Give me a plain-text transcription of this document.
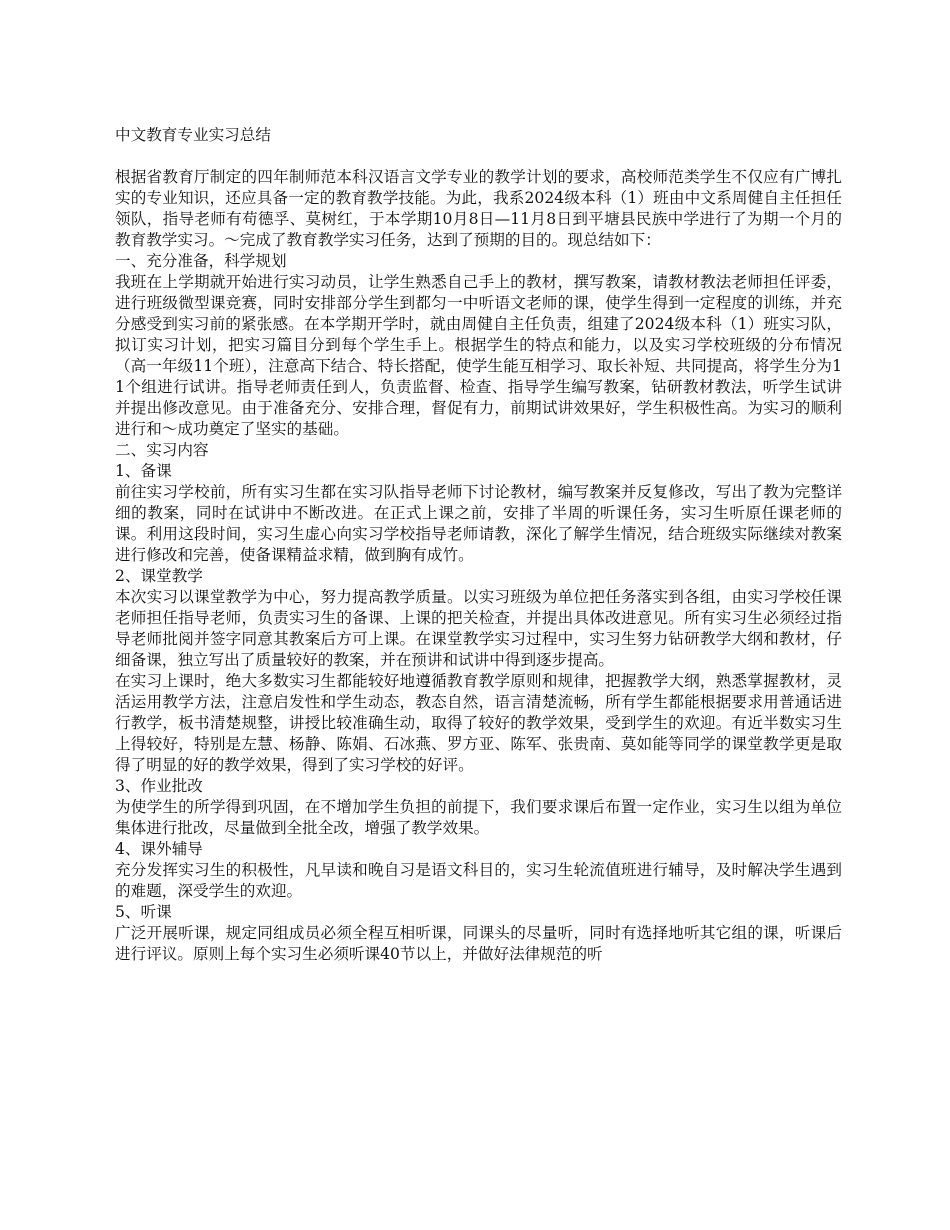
中文教育专业实习总结

根据省教育厅制定的四年制师范本科汉语言文学专业的教学计划的要求，高校师范类学生不仅应有广博扎实的专业知识，还应具备一定的教育教学技能。为此，我系2024级本科（1）班由中文系周健自主任担任领队，指导老师有苟德孚、莫树红，于本学期10月8日—11月8日到平塘县民族中学进行了为期一个月的教育教学实习。～完成了教育教学实习任务，达到了预期的目的。现总结如下：

一、充分准备，科学规划

我班在上学期就开始进行实习动员，让学生熟悉自己手上的教材，撰写教案，请教材教法老师担任评委，进行班级微型课竞赛，同时安排部分学生到都匀一中听语文老师的课，使学生得到一定程度的训练，并充分感受到实习前的紧张感。在本学期开学时，就由周健自主任负责，组建了2024级本科（1）班实习队，拟订实习计划，把实习篇目分到每个学生手上。根据学生的特点和能力，以及实习学校班级的分布情况（高一年级11个班），注意高下结合、特长搭配，使学生能互相学习、取长补短、共同提高，将学生分为11个组进行试讲。指导老师责任到人，负责监督、检查、指导学生编写教案，钻研教材教法，听学生试讲并提出修改意见。由于准备充分、安排合理，督促有力，前期试讲效果好，学生积极性高。为实习的顺利进行和～成功奠定了坚实的基础。

二、实习内容

1、备课

前往实习学校前，所有实习生都在实习队指导老师下讨论教材，编写教案并反复修改，写出了教为完整详细的教案，同时在试讲中不断改进。在正式上课之前，安排了半周的听课任务，实习生听原任课老师的课。利用这段时间，实习生虚心向实习学校指导老师请教，深化了解学生情况，结合班级实际继续对教案进行修改和完善，使备课精益求精，做到胸有成竹。

2、课堂教学

本次实习以课堂教学为中心，努力提高教学质量。以实习班级为单位把任务落实到各组，由实习学校任课老师担任指导老师，负责实习生的备课、上课的把关检查，并提出具体改进意见。所有实习生必须经过指导老师批阅并签字同意其教案后方可上课。在课堂教学实习过程中，实习生努力钻研教学大纲和教材，仔细备课，独立写出了质量较好的教案，并在预讲和试讲中得到逐步提高。

在实习上课时，绝大多数实习生都能较好地遵循教育教学原则和规律，把握教学大纲，熟悉掌握教材，灵活运用教学方法，注意启发性和学生动态，教态自然，语言清楚流畅，所有学生都能根据要求用普通话进行教学，板书清楚规整，讲授比较准确生动，取得了较好的教学效果，受到学生的欢迎。有近半数实习生上得较好，特别是左慧、杨静、陈娟、石冰燕、罗方亚、陈军、张贵南、莫如能等同学的课堂教学更是取得了明显的好的教学效果，得到了实习学校的好评。

3、作业批改

为使学生的所学得到巩固，在不增加学生负担的前提下，我们要求课后布置一定作业，实习生以组为单位集体进行批改，尽量做到全批全改，增强了教学效果。

4、课外辅导

充分发挥实习生的积极性，凡早读和晚自习是语文科目的，实习生轮流值班进行辅导，及时解决学生遇到的难题，深受学生的欢迎。

5、听课

广泛开展听课，规定同组成员必须全程互相听课，同课头的尽量听，同时有选择地听其它组的课，听课后进行评议。原则上每个实习生必须听课40节以上，并做好法律规范的听
